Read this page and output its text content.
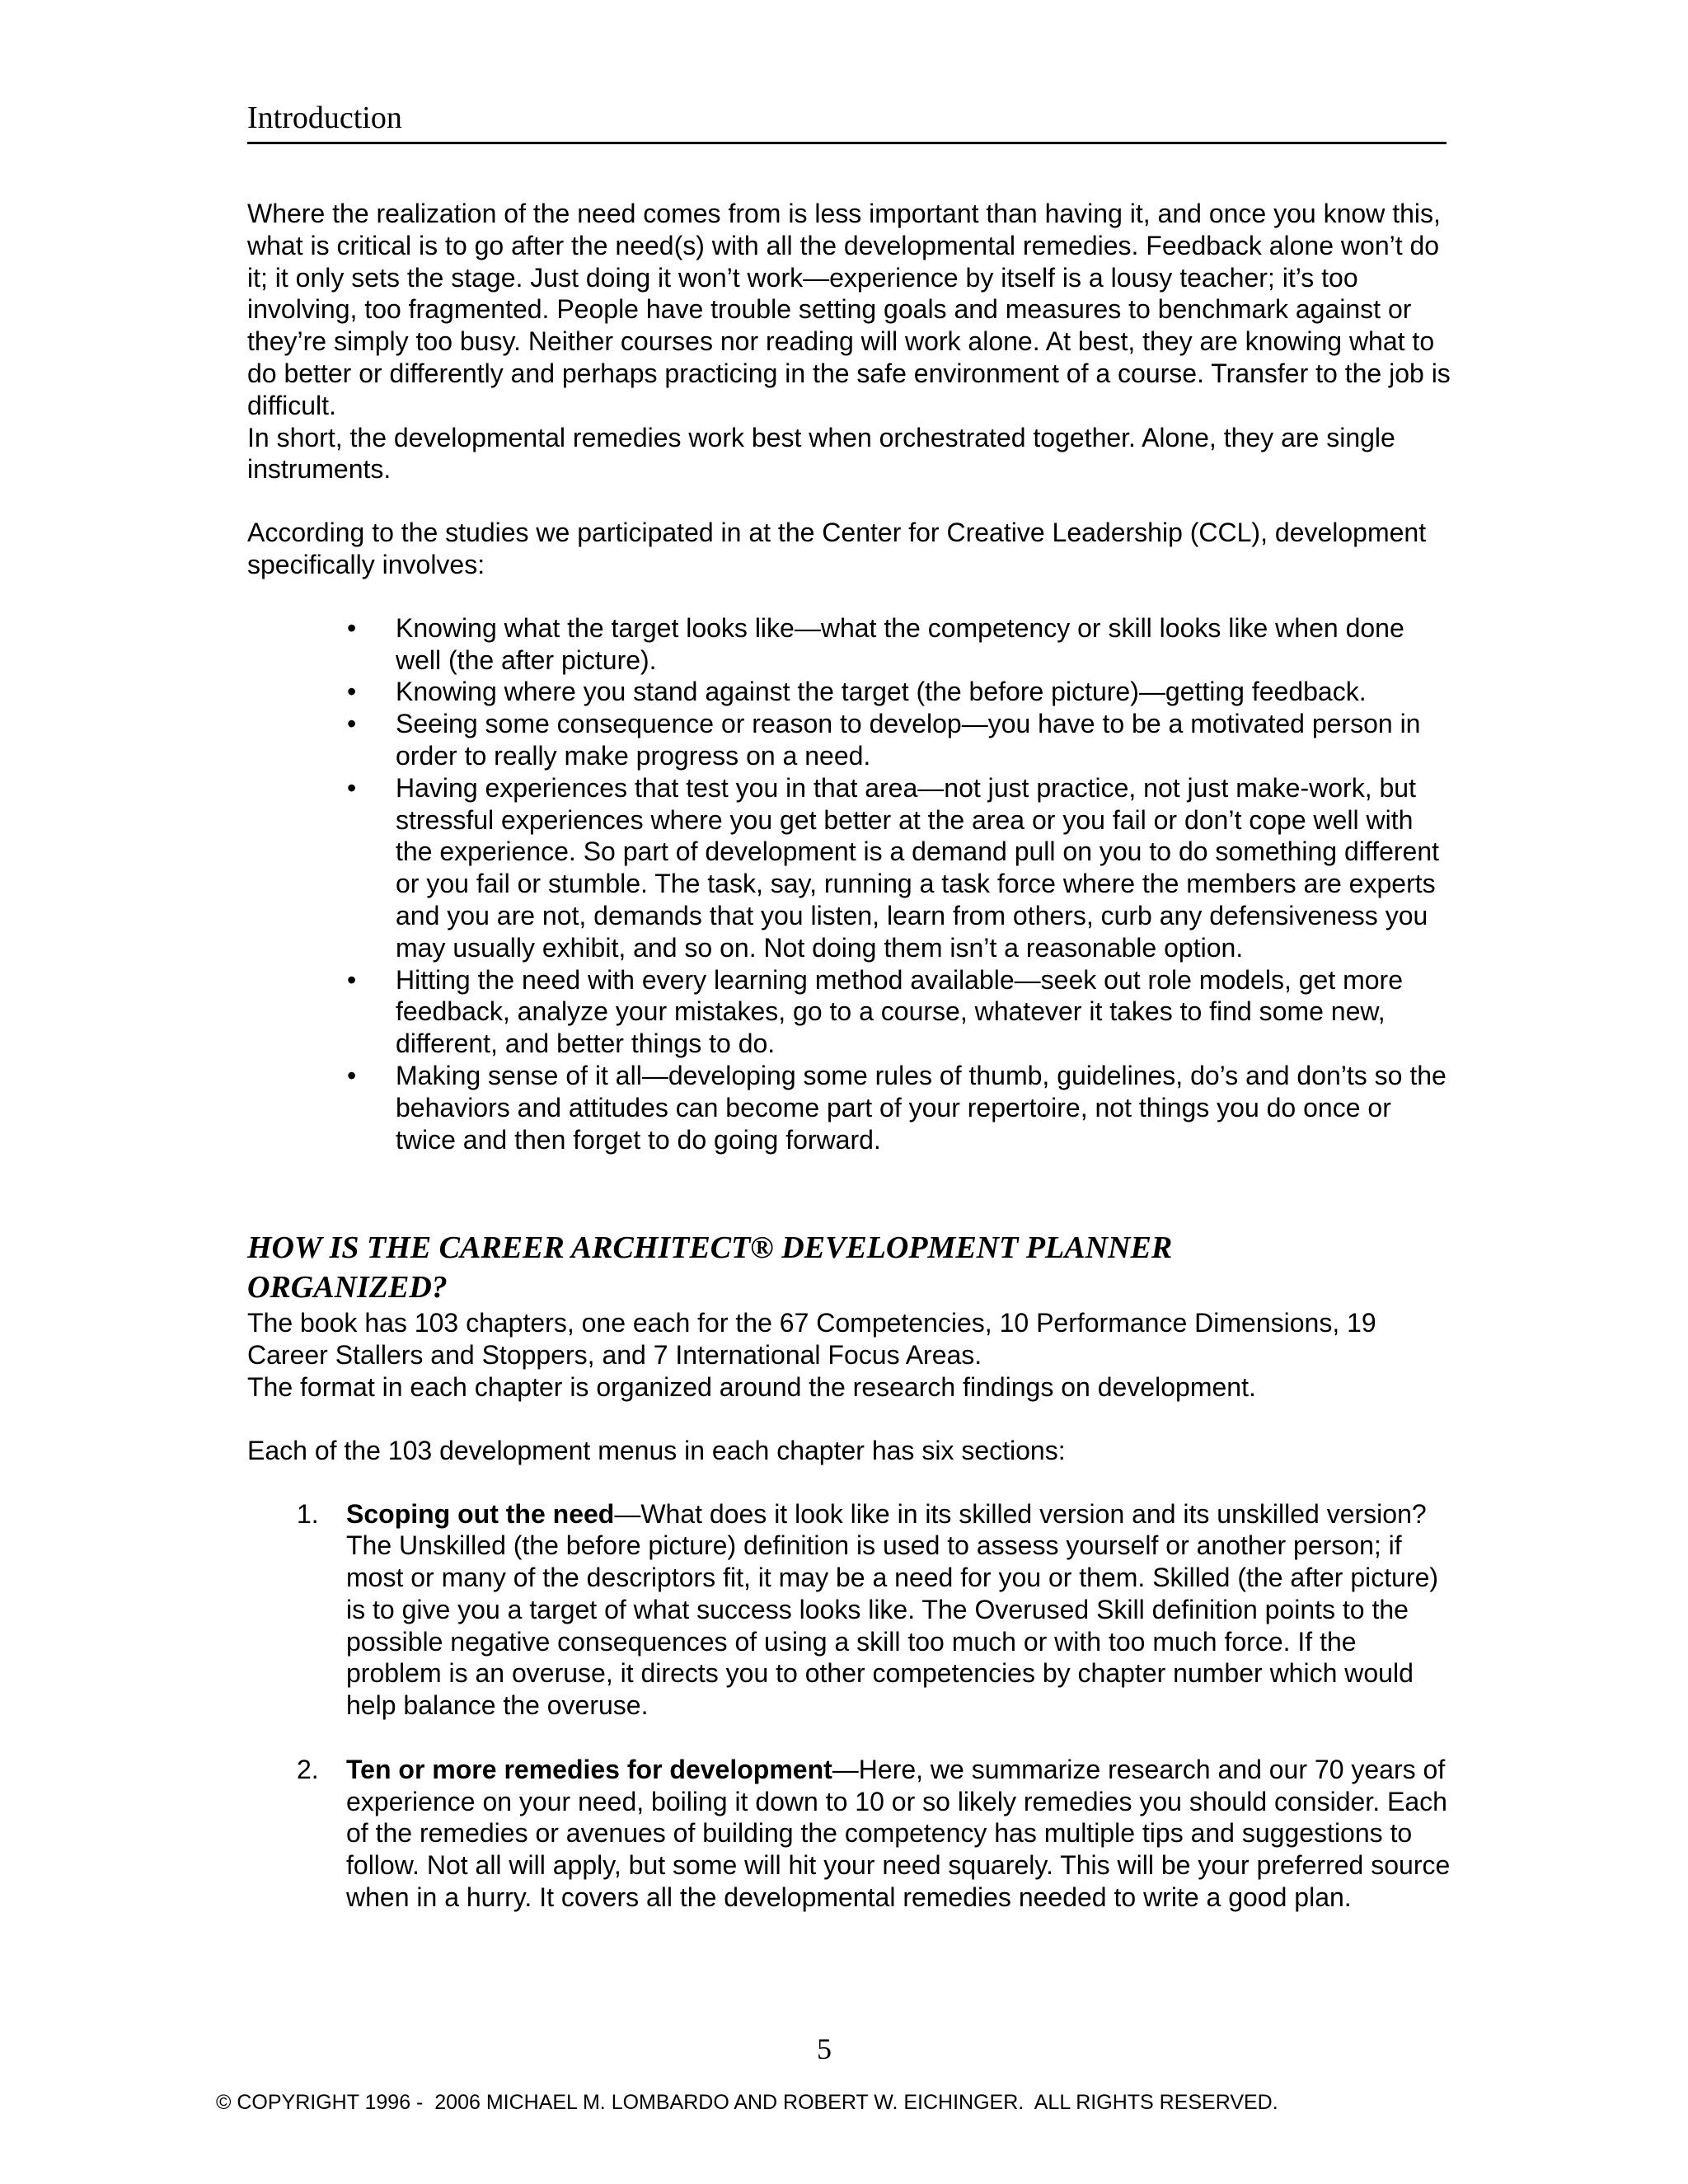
Introduction

Where the realization of the need comes from is less important than having it, and once you know this, what is critical is to go after the need(s) with all the developmental remedies. Feedback alone won’t do it; it only sets the stage. Just doing it won’t work—experience by itself is a lousy teacher; it’s too involving, too fragmented. People have trouble setting goals and measures to benchmark against or they’re simply too busy. Neither courses nor reading will work alone. At best, they are knowing what to do better or differently and perhaps practicing in the safe environment of a course. Transfer to the job is difficult.

In short, the developmental remedies work best when orchestrated together. Alone, they are single instruments.

According to the studies we participated in at the Center for Creative Leadership (CCL), development specifically involves:

• Knowing what the target looks like—what the competency or skill looks like when done well (the after picture).
• Knowing where you stand against the target (the before picture)—getting feedback.
• Seeing some consequence or reason to develop—you have to be a motivated person in order to really make progress on a need.
• Having experiences that test you in that area—not just practice, not just make-work, but stressful experiences where you get better at the area or you fail or don’t cope well with the experience. So part of development is a demand pull on you to do something different or you fail or stumble. The task, say, running a task force where the members are experts and you are not, demands that you listen, learn from others, curb any defensiveness you may usually exhibit, and so on. Not doing them isn’t a reasonable option.
• Hitting the need with every learning method available—seek out role models, get more feedback, analyze your mistakes, go to a course, whatever it takes to find some new, different, and better things to do.
• Making sense of it all—developing some rules of thumb, guidelines, do’s and don’ts so the behaviors and attitudes can become part of your repertoire, not things you do once or twice and then forget to do going forward.
HOW IS THE CAREER ARCHITECT® DEVELOPMENT PLANNER ORGANIZED?

The book has 103 chapters, one each for the 67 Competencies, 10 Performance Dimensions, 19 Career Stallers and Stoppers, and 7 International Focus Areas.

The format in each chapter is organized around the research findings on development.

Each of the 103 development menus in each chapter has six sections:

1. Scoping out the need—What does it look like in its skilled version and its unskilled version? The Unskilled (the before picture) definition is used to assess yourself or another person; if most or many of the descriptors fit, it may be a need for you or them. Skilled (the after picture) is to give you a target of what success looks like. The Overused Skill definition points to the possible negative consequences of using a skill too much or with too much force. If the problem is an overuse, it directs you to other competencies by chapter number which would help balance the overuse.
2. Ten or more remedies for development—Here, we summarize research and our 70 years of experience on your need, boiling it down to 10 or so likely remedies you should consider. Each of the remedies or avenues of building the competency has multiple tips and suggestions to follow. Not all will apply, but some will hit your need squarely. This will be your preferred source when in a hurry. It covers all the developmental remedies needed to write a good plan.
5
© COPYRIGHT 1996 -  2006 MICHAEL M. LOMBARDO AND ROBERT W. EICHINGER.  ALL RIGHTS RESERVED.
